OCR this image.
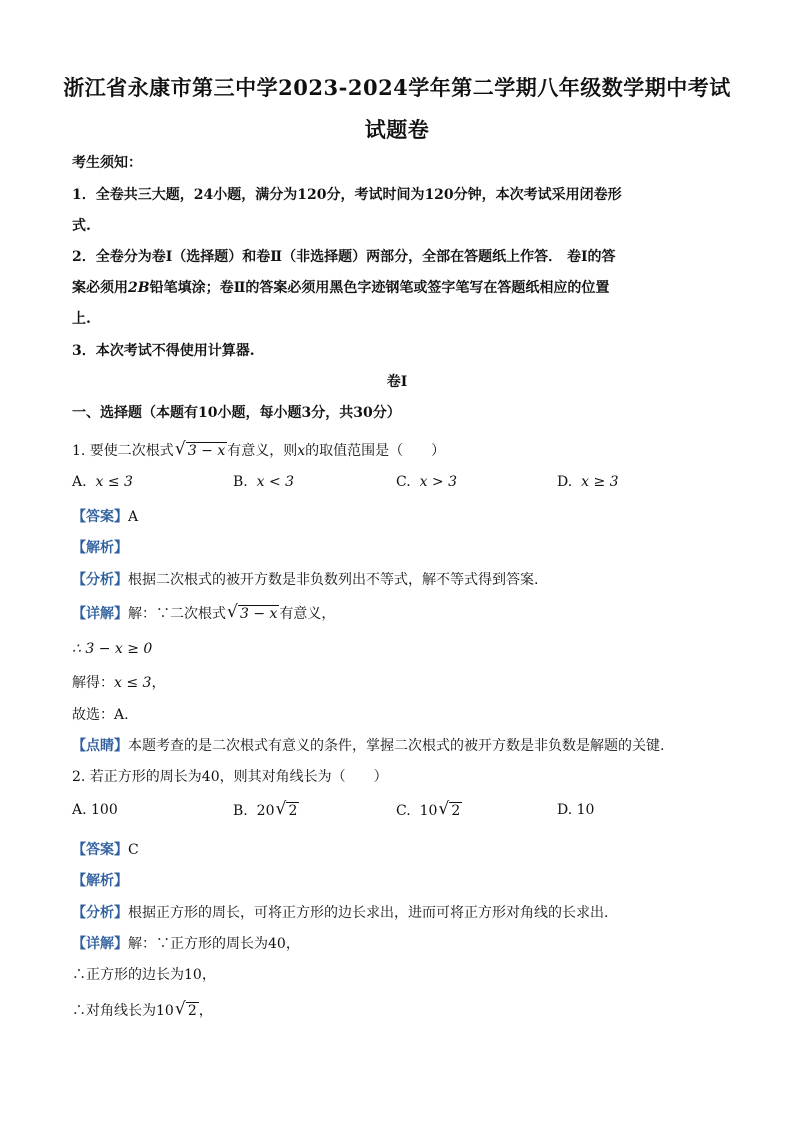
浙江省永康市第三中学2023-2024学年第二学期八年级数学期中考试
试题卷
考生须知：
1．全卷共三大题，24小题，满分为120分，考试时间为120分钟，本次考试采用闭卷形
式.
2．全卷分为卷Ⅰ（选择题）和卷Ⅱ（非选择题）两部分，全部在答题纸上作答． 卷Ⅰ的答
案必须用2B铅笔填涂；卷Ⅱ的答案必须用黑色字迹钢笔或签字笔写在答题纸相应的位置
上.
3．本次考试不得使用计算器.
卷Ⅰ
一、选择题（本题有10小题，每小题3分，共30分）
1. 要使二次根式 √ 3 − x 有意义，则x的取值范围是（　　）
A. x ≤ 3	B. x < 3	C. x > 3	D. x ≥ 3
【答案】A
【解析】
【分析】根据二次根式的被开方数是非负数列出不等式，解不等式得到答案.
【详解】解：∵二次根式 √ 3 − x 有意义，
∴ 3 − x ≥ 0
解得：x ≤ 3，
故选：A.
【点睛】本题考查的是二次根式有意义的条件，掌握二次根式的被开方数是非负数是解题的关键.
2. 若正方形的周长为40，则其对角线长为（　　）
A. 100	B. 20 √ 2	C. 10 √ 2	D. 10
【答案】C
【解析】
【分析】根据正方形的周长，可将正方形的边长求出，进而可将正方形对角线的长求出.
【详解】解：∵正方形的周长为40，
∴正方形的边长为10，
∴对角线长为10 √ 2 ，
